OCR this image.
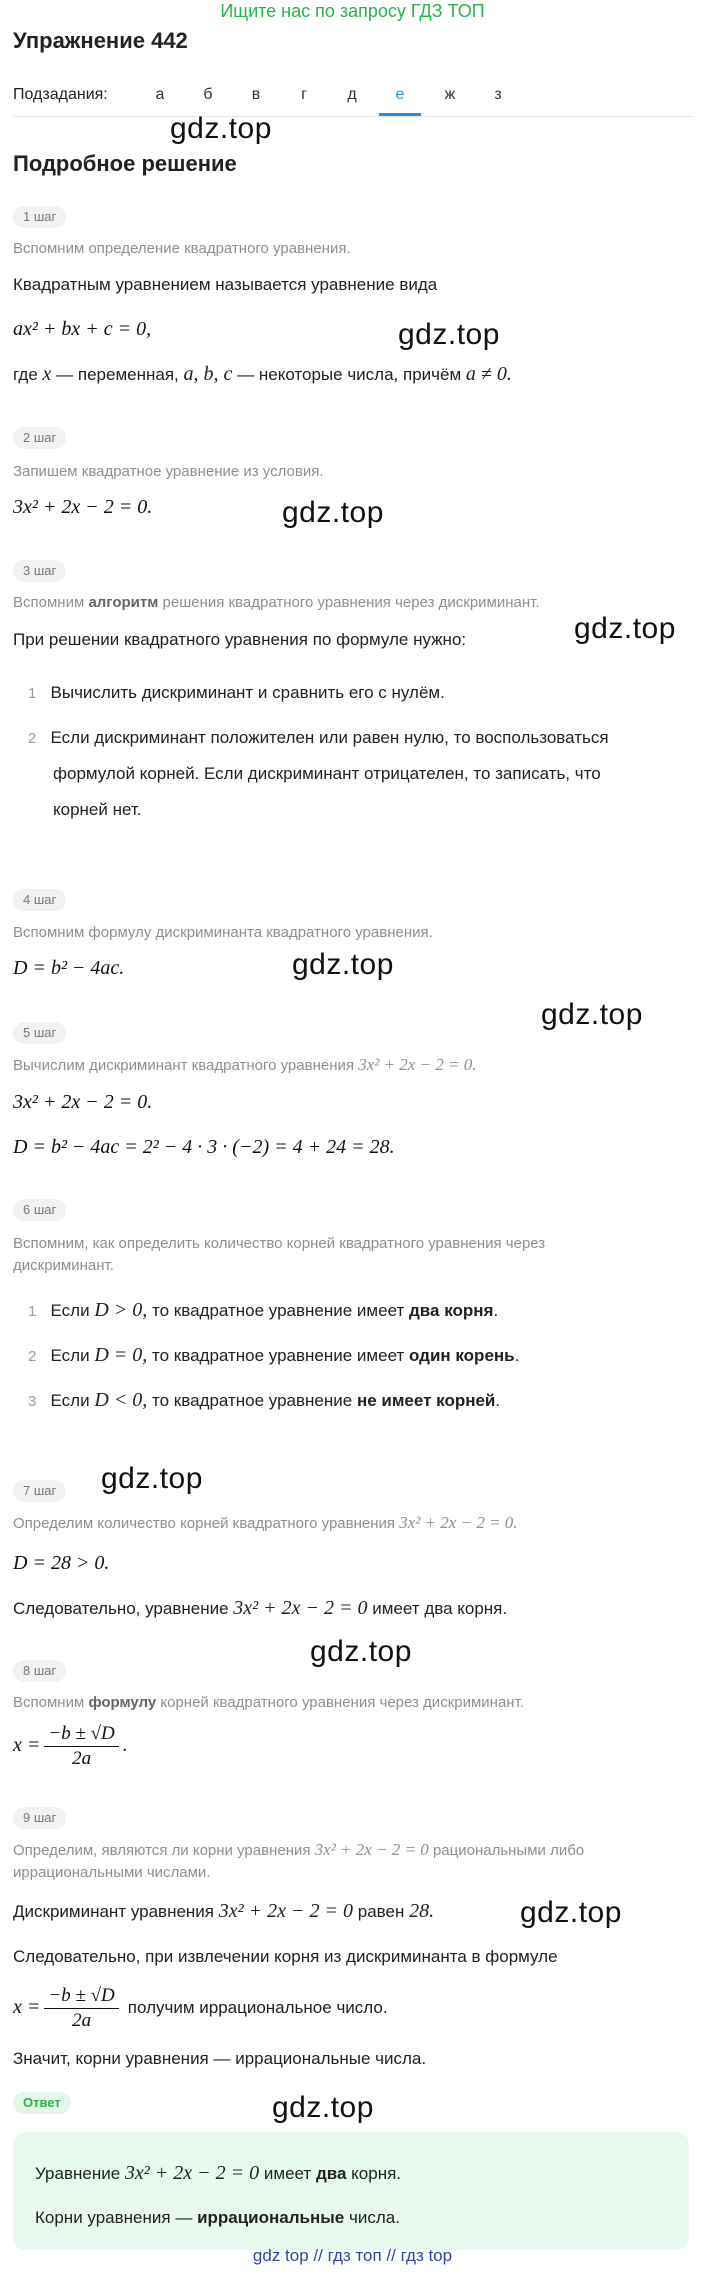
Ищите нас по запросу ГДЗ ТОП
Упражнение 442
Подзадания:	а	б	в	г	д	е	ж	з
gdz.top
Подробное решение
1 шаг
Вспомним определение квадратного уравнения.
Квадратным уравнением называется уравнение вида
ax² + bx + c = 0,	gdz.top
где x — переменная, a, b, c — некоторые числа, причём a ≠ 0.
2 шаг
Запишем квадратное уравнение из условия.
3x² + 2x − 2 = 0.	gdz.top
3 шаг
Вспомним алгоритм решения квадратного уравнения через дискриминант.
При решении квадратного уравнения по формуле нужно:	gdz.top
1 Вычислить дискриминант и сравнить его с нулём.
2 Если дискриминант положителен или равен нулю, то воспользоваться
формулой корней. Если дискриминант отрицателен, то записать, что
корней нет.
4 шаг
Вспомним формулу дискриминанта квадратного уравнения.
D = b² − 4ac.	gdz.top
gdz.top
5 шаг
Вычислим дискриминант квадратного уравнения 3x² + 2x − 2 = 0.
3x² + 2x − 2 = 0.
D = b² − 4ac = 2² − 4 · 3 · (−2) = 4 + 24 = 28.
6 шаг
Вспомним, как определить количество корней квадратного уравнения через
дискриминант.
1 Если D > 0, то квадратное уравнение имеет два корня.
2 Если D = 0, то квадратное уравнение имеет один корень.
3 Если D < 0, то квадратное уравнение не имеет корней.
7 шаг	gdz.top
Определим количество корней квадратного уравнения 3x² + 2x − 2 = 0.
D = 28 > 0.
Следовательно, уравнение 3x² + 2x − 2 = 0 имеет два корня.
gdz.top
8 шаг
Вспомним формулу корней квадратного уравнения через дискриминант.
$x = \frac{-b \pm √D}{2a}$ .
9 шаг
Определим, являются ли корни уравнения 3x² + 2x − 2 = 0 рациональными либо
иррациональными числами.
Дискриминант уравнения 3x² + 2x − 2 = 0 равен 28.	gdz.top
Следовательно, при извлечении корня из дискриминанта в формуле
$x = \frac{-b \pm √D}{2a}$ получим иррациональное число.
Значит, корни уравнения — иррациональные числа.
gdz.top
Ответ
Уравнение 3x² + 2x − 2 = 0 имеет два корня.
Корни уравнения — иррациональные числа.
gdz top // гдз топ // гдз top
